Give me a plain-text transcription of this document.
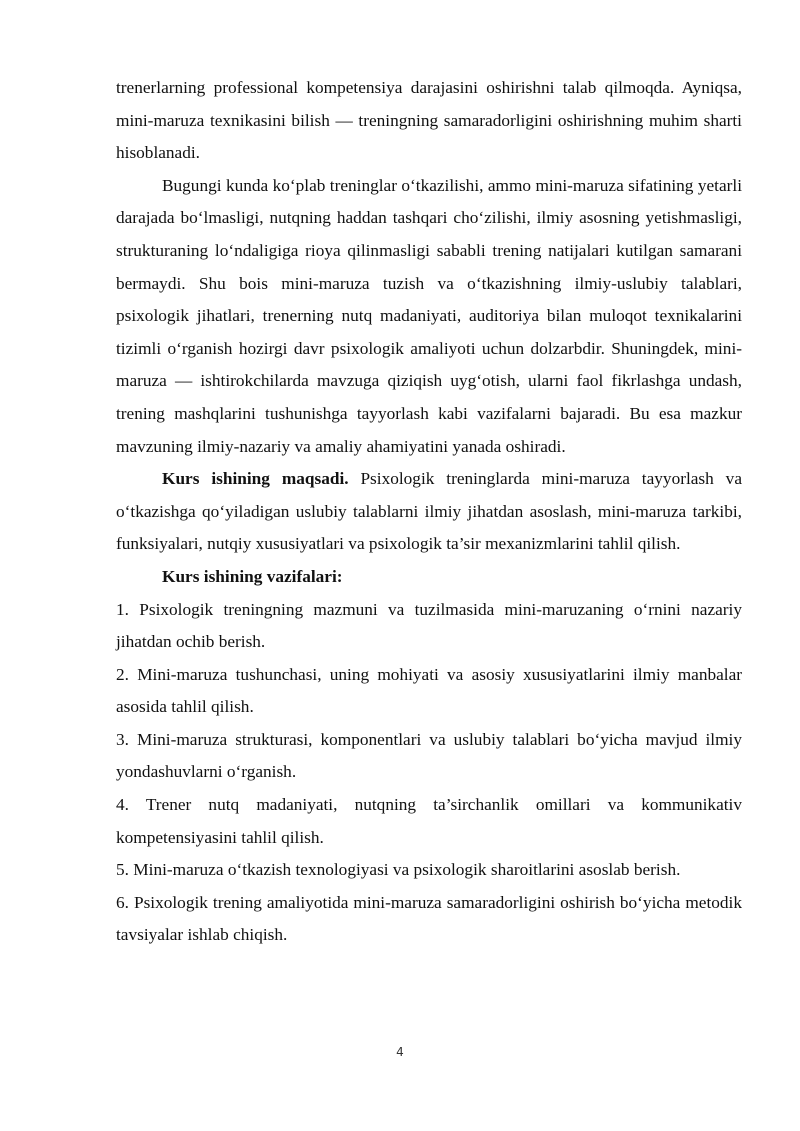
trenerlarning professional kompetensiya darajasini oshirishni talab qilmoqda. Ayniqsa, mini-maruza texnikasini bilish — treningning samaradorligini oshirishning muhim sharti hisoblanadi.

Bugungi kunda ko‘plab treninglar o‘tkazilishi, ammo mini-maruza sifatining yetarli darajada bo‘lmasligi, nutqning haddan tashqari cho‘zilishi, ilmiy asosning yetishmasligi, strukturaning lo‘ndaligiga rioya qilinmasligi sababli trening natijalari kutilgan samarani bermaydi. Shu bois mini-maruza tuzish va o‘tkazishning ilmiy-uslubiy talablari, psixologik jihatlari, trenerning nutq madaniyati, auditoriya bilan muloqot texnikalarini tizimli o‘rganish hozirgi davr psixologik amaliyoti uchun dolzarbdir. Shuningdek, mini-maruza — ishtirokchilarda mavzuga qiziqish uyg‘otish, ularni faol fikrlashga undash, trening mashqlarini tushunishga tayyorlash kabi vazifalarni bajaradi. Bu esa mazkur mavzuning ilmiy-nazariy va amaliy ahamiyatini yanada oshiradi.

Kurs ishining maqsadi. Psixologik treninglarda mini-maruza tayyorlash va o‘tkazishga qo‘yiladigan uslubiy talablarni ilmiy jihatdan asoslash, mini-maruza tarkibi, funksiyalari, nutqiy xususiyatlari va psixologik ta’sir mexanizmlarini tahlil qilish.

Kurs ishining vazifalari:

1. Psixologik treningning mazmuni va tuzilmasida mini-maruzaning o‘rnini nazariy jihatdan ochib berish.

2. Mini-maruza tushunchasi, uning mohiyati va asosiy xususiyatlarini ilmiy manbalar asosida tahlil qilish.

3. Mini-maruza strukturasi, komponentlari va uslubiy talablari bo‘yicha mavjud ilmiy yondashuvlarni o‘rganish.

4. Trener nutq madaniyati, nutqning ta’sirchanlik omillari va kommunikativ kompetensiyasini tahlil qilish.

5. Mini-maruza o‘tkazish texnologiyasi va psixologik sharoitlarini asoslab berish.

6. Psixologik trening amaliyotida mini-maruza samaradorligini oshirish bo‘yicha metodik tavsiyalar ishlab chiqish.

4
